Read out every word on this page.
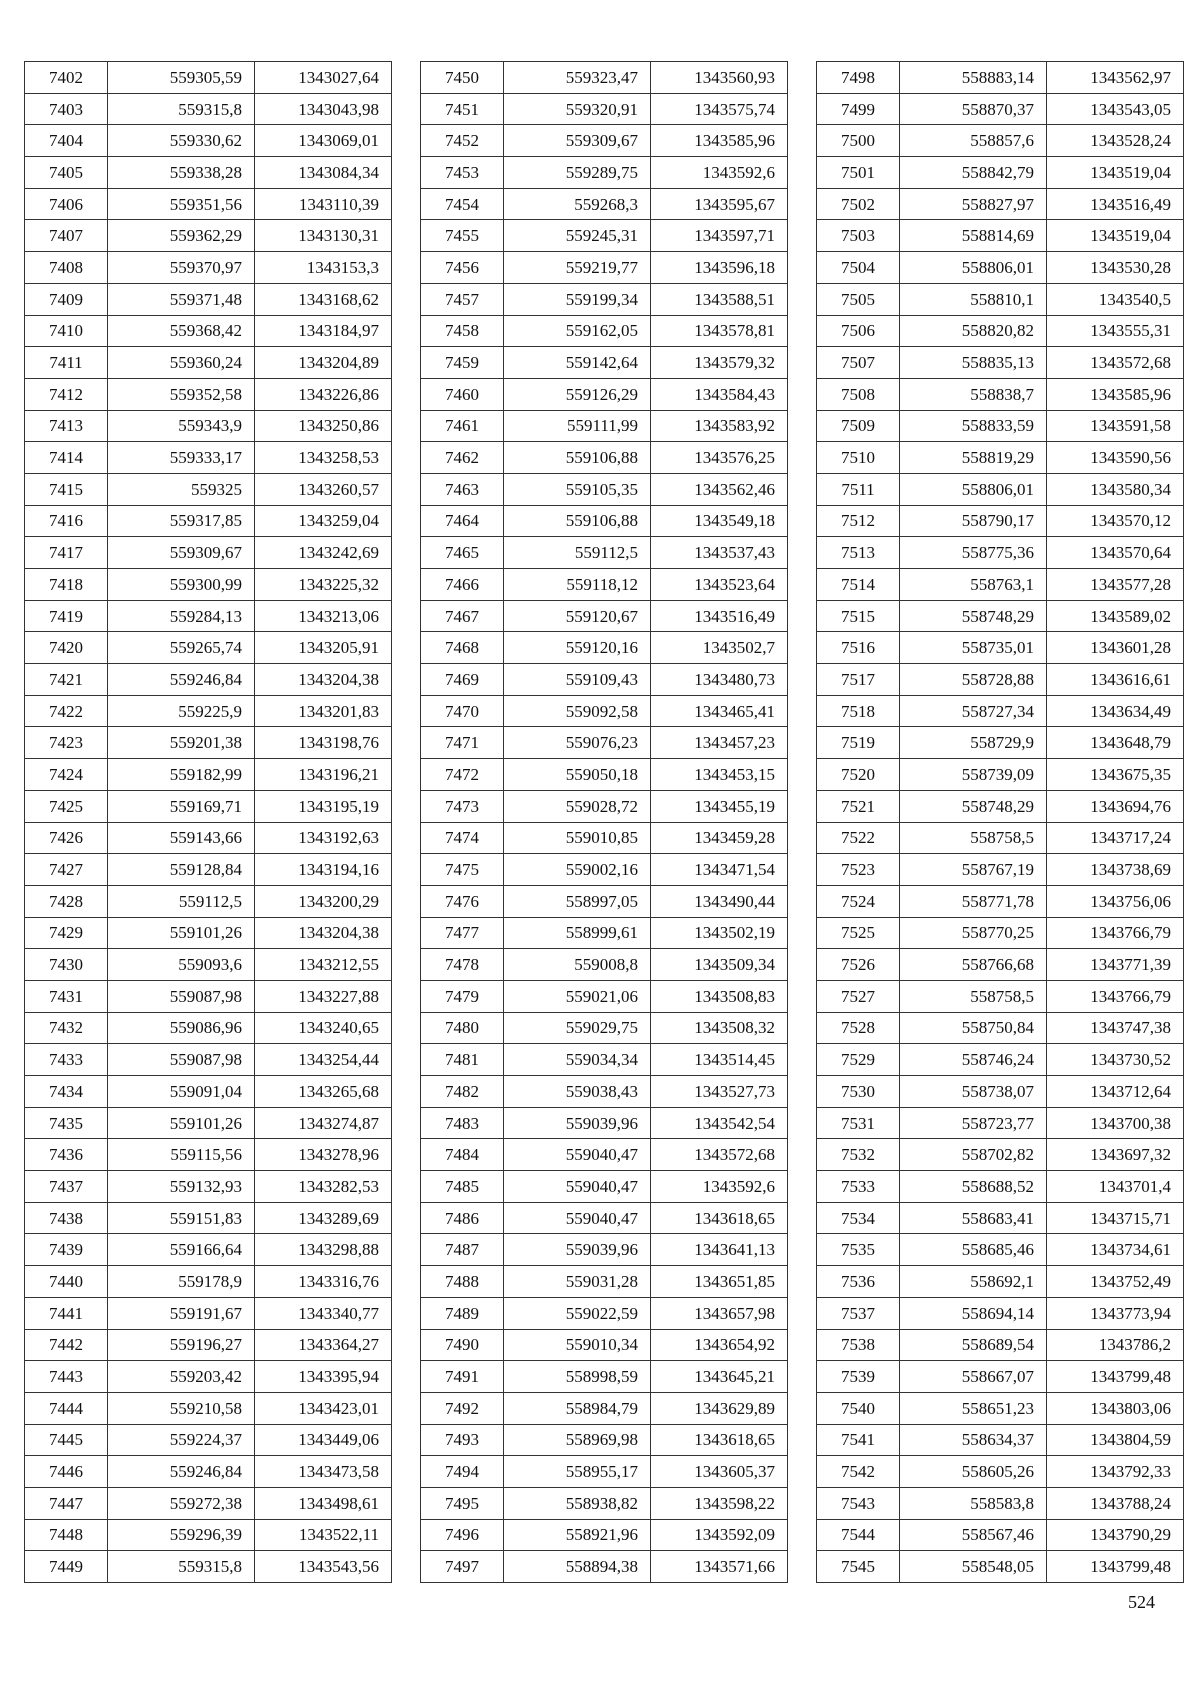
7402	559305,59	1343027,64
7403	559315,8	1343043,98
7404	559330,62	1343069,01
7405	559338,28	1343084,34
7406	559351,56	1343110,39
7407	559362,29	1343130,31
7408	559370,97	1343153,3
7409	559371,48	1343168,62
7410	559368,42	1343184,97
7411	559360,24	1343204,89
7412	559352,58	1343226,86
7413	559343,9	1343250,86
7414	559333,17	1343258,53
7415	559325	1343260,57
7416	559317,85	1343259,04
7417	559309,67	1343242,69
7418	559300,99	1343225,32
7419	559284,13	1343213,06
7420	559265,74	1343205,91
7421	559246,84	1343204,38
7422	559225,9	1343201,83
7423	559201,38	1343198,76
7424	559182,99	1343196,21
7425	559169,71	1343195,19
7426	559143,66	1343192,63
7427	559128,84	1343194,16
7428	559112,5	1343200,29
7429	559101,26	1343204,38
7430	559093,6	1343212,55
7431	559087,98	1343227,88
7432	559086,96	1343240,65
7433	559087,98	1343254,44
7434	559091,04	1343265,68
7435	559101,26	1343274,87
7436	559115,56	1343278,96
7437	559132,93	1343282,53
7438	559151,83	1343289,69
7439	559166,64	1343298,88
7440	559178,9	1343316,76
7441	559191,67	1343340,77
7442	559196,27	1343364,27
7443	559203,42	1343395,94
7444	559210,58	1343423,01
7445	559224,37	1343449,06
7446	559246,84	1343473,58
7447	559272,38	1343498,61
7448	559296,39	1343522,11
7449	559315,8	1343543,56
7450	559323,47	1343560,93
7451	559320,91	1343575,74
7452	559309,67	1343585,96
7453	559289,75	1343592,6
7454	559268,3	1343595,67
7455	559245,31	1343597,71
7456	559219,77	1343596,18
7457	559199,34	1343588,51
7458	559162,05	1343578,81
7459	559142,64	1343579,32
7460	559126,29	1343584,43
7461	559111,99	1343583,92
7462	559106,88	1343576,25
7463	559105,35	1343562,46
7464	559106,88	1343549,18
7465	559112,5	1343537,43
7466	559118,12	1343523,64
7467	559120,67	1343516,49
7468	559120,16	1343502,7
7469	559109,43	1343480,73
7470	559092,58	1343465,41
7471	559076,23	1343457,23
7472	559050,18	1343453,15
7473	559028,72	1343455,19
7474	559010,85	1343459,28
7475	559002,16	1343471,54
7476	558997,05	1343490,44
7477	558999,61	1343502,19
7478	559008,8	1343509,34
7479	559021,06	1343508,83
7480	559029,75	1343508,32
7481	559034,34	1343514,45
7482	559038,43	1343527,73
7483	559039,96	1343542,54
7484	559040,47	1343572,68
7485	559040,47	1343592,6
7486	559040,47	1343618,65
7487	559039,96	1343641,13
7488	559031,28	1343651,85
7489	559022,59	1343657,98
7490	559010,34	1343654,92
7491	558998,59	1343645,21
7492	558984,79	1343629,89
7493	558969,98	1343618,65
7494	558955,17	1343605,37
7495	558938,82	1343598,22
7496	558921,96	1343592,09
7497	558894,38	1343571,66
7498	558883,14	1343562,97
7499	558870,37	1343543,05
7500	558857,6	1343528,24
7501	558842,79	1343519,04
7502	558827,97	1343516,49
7503	558814,69	1343519,04
7504	558806,01	1343530,28
7505	558810,1	1343540,5
7506	558820,82	1343555,31
7507	558835,13	1343572,68
7508	558838,7	1343585,96
7509	558833,59	1343591,58
7510	558819,29	1343590,56
7511	558806,01	1343580,34
7512	558790,17	1343570,12
7513	558775,36	1343570,64
7514	558763,1	1343577,28
7515	558748,29	1343589,02
7516	558735,01	1343601,28
7517	558728,88	1343616,61
7518	558727,34	1343634,49
7519	558729,9	1343648,79
7520	558739,09	1343675,35
7521	558748,29	1343694,76
7522	558758,5	1343717,24
7523	558767,19	1343738,69
7524	558771,78	1343756,06
7525	558770,25	1343766,79
7526	558766,68	1343771,39
7527	558758,5	1343766,79
7528	558750,84	1343747,38
7529	558746,24	1343730,52
7530	558738,07	1343712,64
7531	558723,77	1343700,38
7532	558702,82	1343697,32
7533	558688,52	1343701,4
7534	558683,41	1343715,71
7535	558685,46	1343734,61
7536	558692,1	1343752,49
7537	558694,14	1343773,94
7538	558689,54	1343786,2
7539	558667,07	1343799,48
7540	558651,23	1343803,06
7541	558634,37	1343804,59
7542	558605,26	1343792,33
7543	558583,8	1343788,24
7544	558567,46	1343790,29
7545	558548,05	1343799,48
524
